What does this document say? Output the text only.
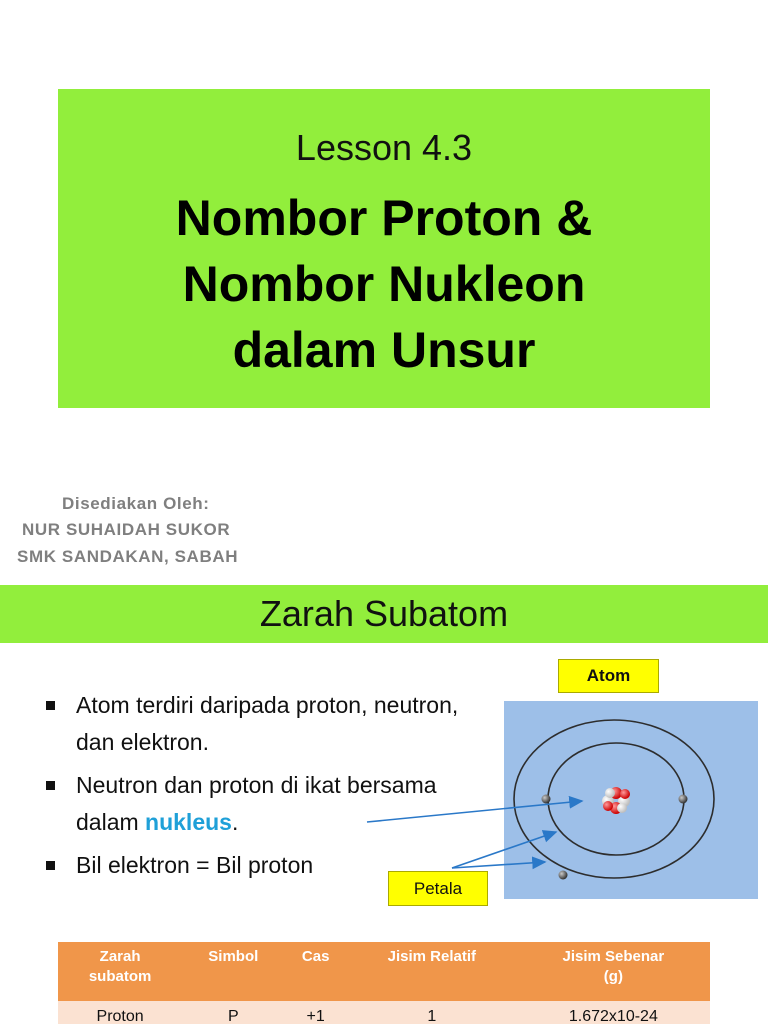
Lesson 4.3
Nombor Proton &
Nombor Nukleon
dalam Unsur
Disediakan Oleh:
NUR SUHAIDAH SUKOR
SMK SANDAKAN, SABAH
Zarah Subatom
Atom terdiri daripada proton, neutron, dan elektron.
Neutron dan proton di ikat bersama dalam nukleus.
Bil elektron = Bil proton
Atom
Petala
Zarah
subatom	Simbol	Cas	Jisim Relatif	Jisim Sebenar
(g)
Proton	P	+1	1	1.672x10-24
